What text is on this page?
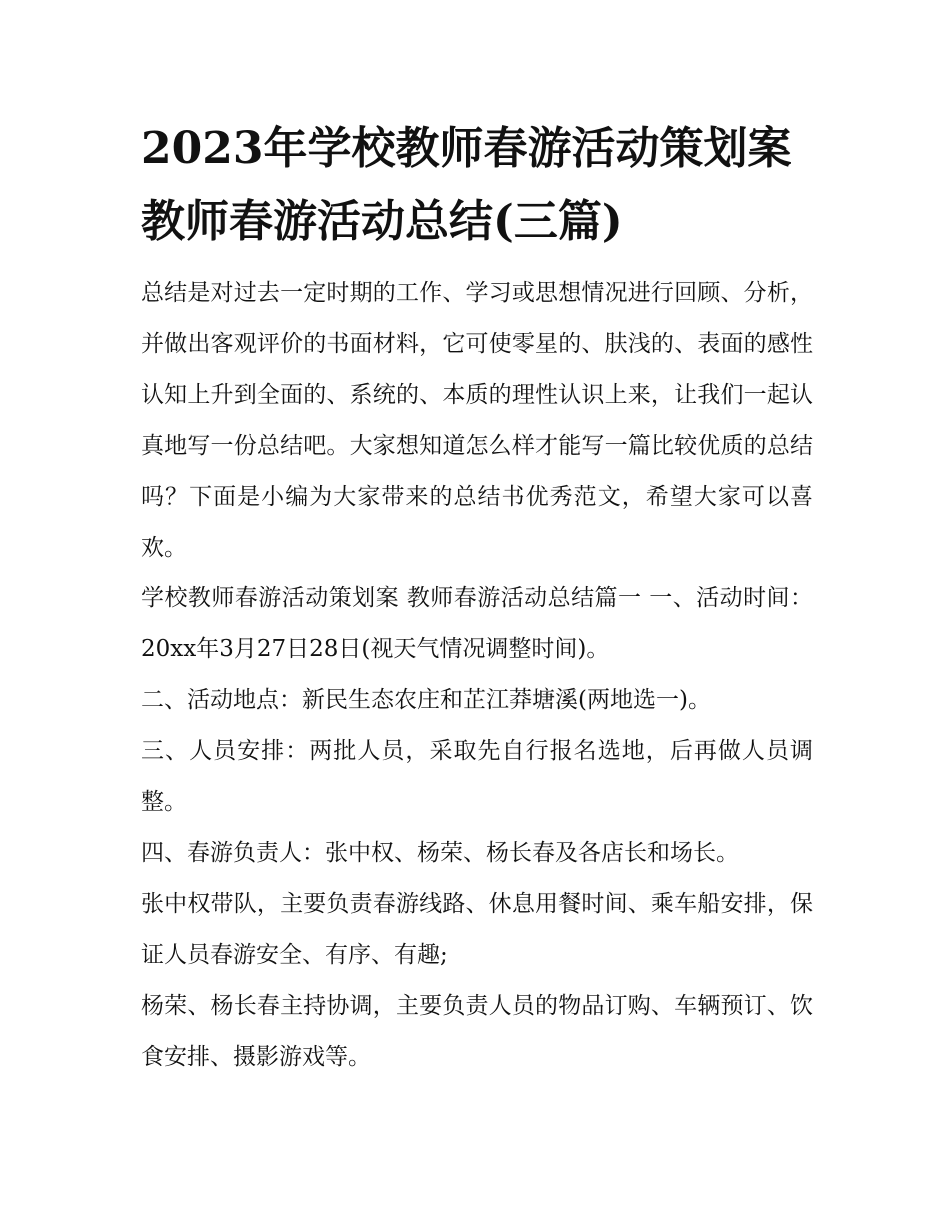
2023年学校教师春游活动策划案 教师春游活动总结(三篇)

总结是对过去一定时期的工作、学习或思想情况进行回顾、分析，并做出客观评价的书面材料，它可使零星的、肤浅的、表面的感性认知上升到全面的、系统的、本质的理性认识上来，让我们一起认真地写一份总结吧。大家想知道怎么样才能写一篇比较优质的总结吗？下面是小编为大家带来的总结书优秀范文，希望大家可以喜欢。

学校教师春游活动策划案 教师春游活动总结篇一 一、活动时间：20xx年3月27日28日(视天气情况调整时间)。

二、活动地点：新民生态农庄和芷江莽塘溪(两地选一)。

三、人员安排：两批人员，采取先自行报名选地，后再做人员调整。

四、春游负责人：张中权、杨荣、杨长春及各店长和场长。

张中权带队，主要负责春游线路、休息用餐时间、乘车船安排，保证人员春游安全、有序、有趣;

杨荣、杨长春主持协调，主要负责人员的物品订购、车辆预订、饮食安排、摄影游戏等。
